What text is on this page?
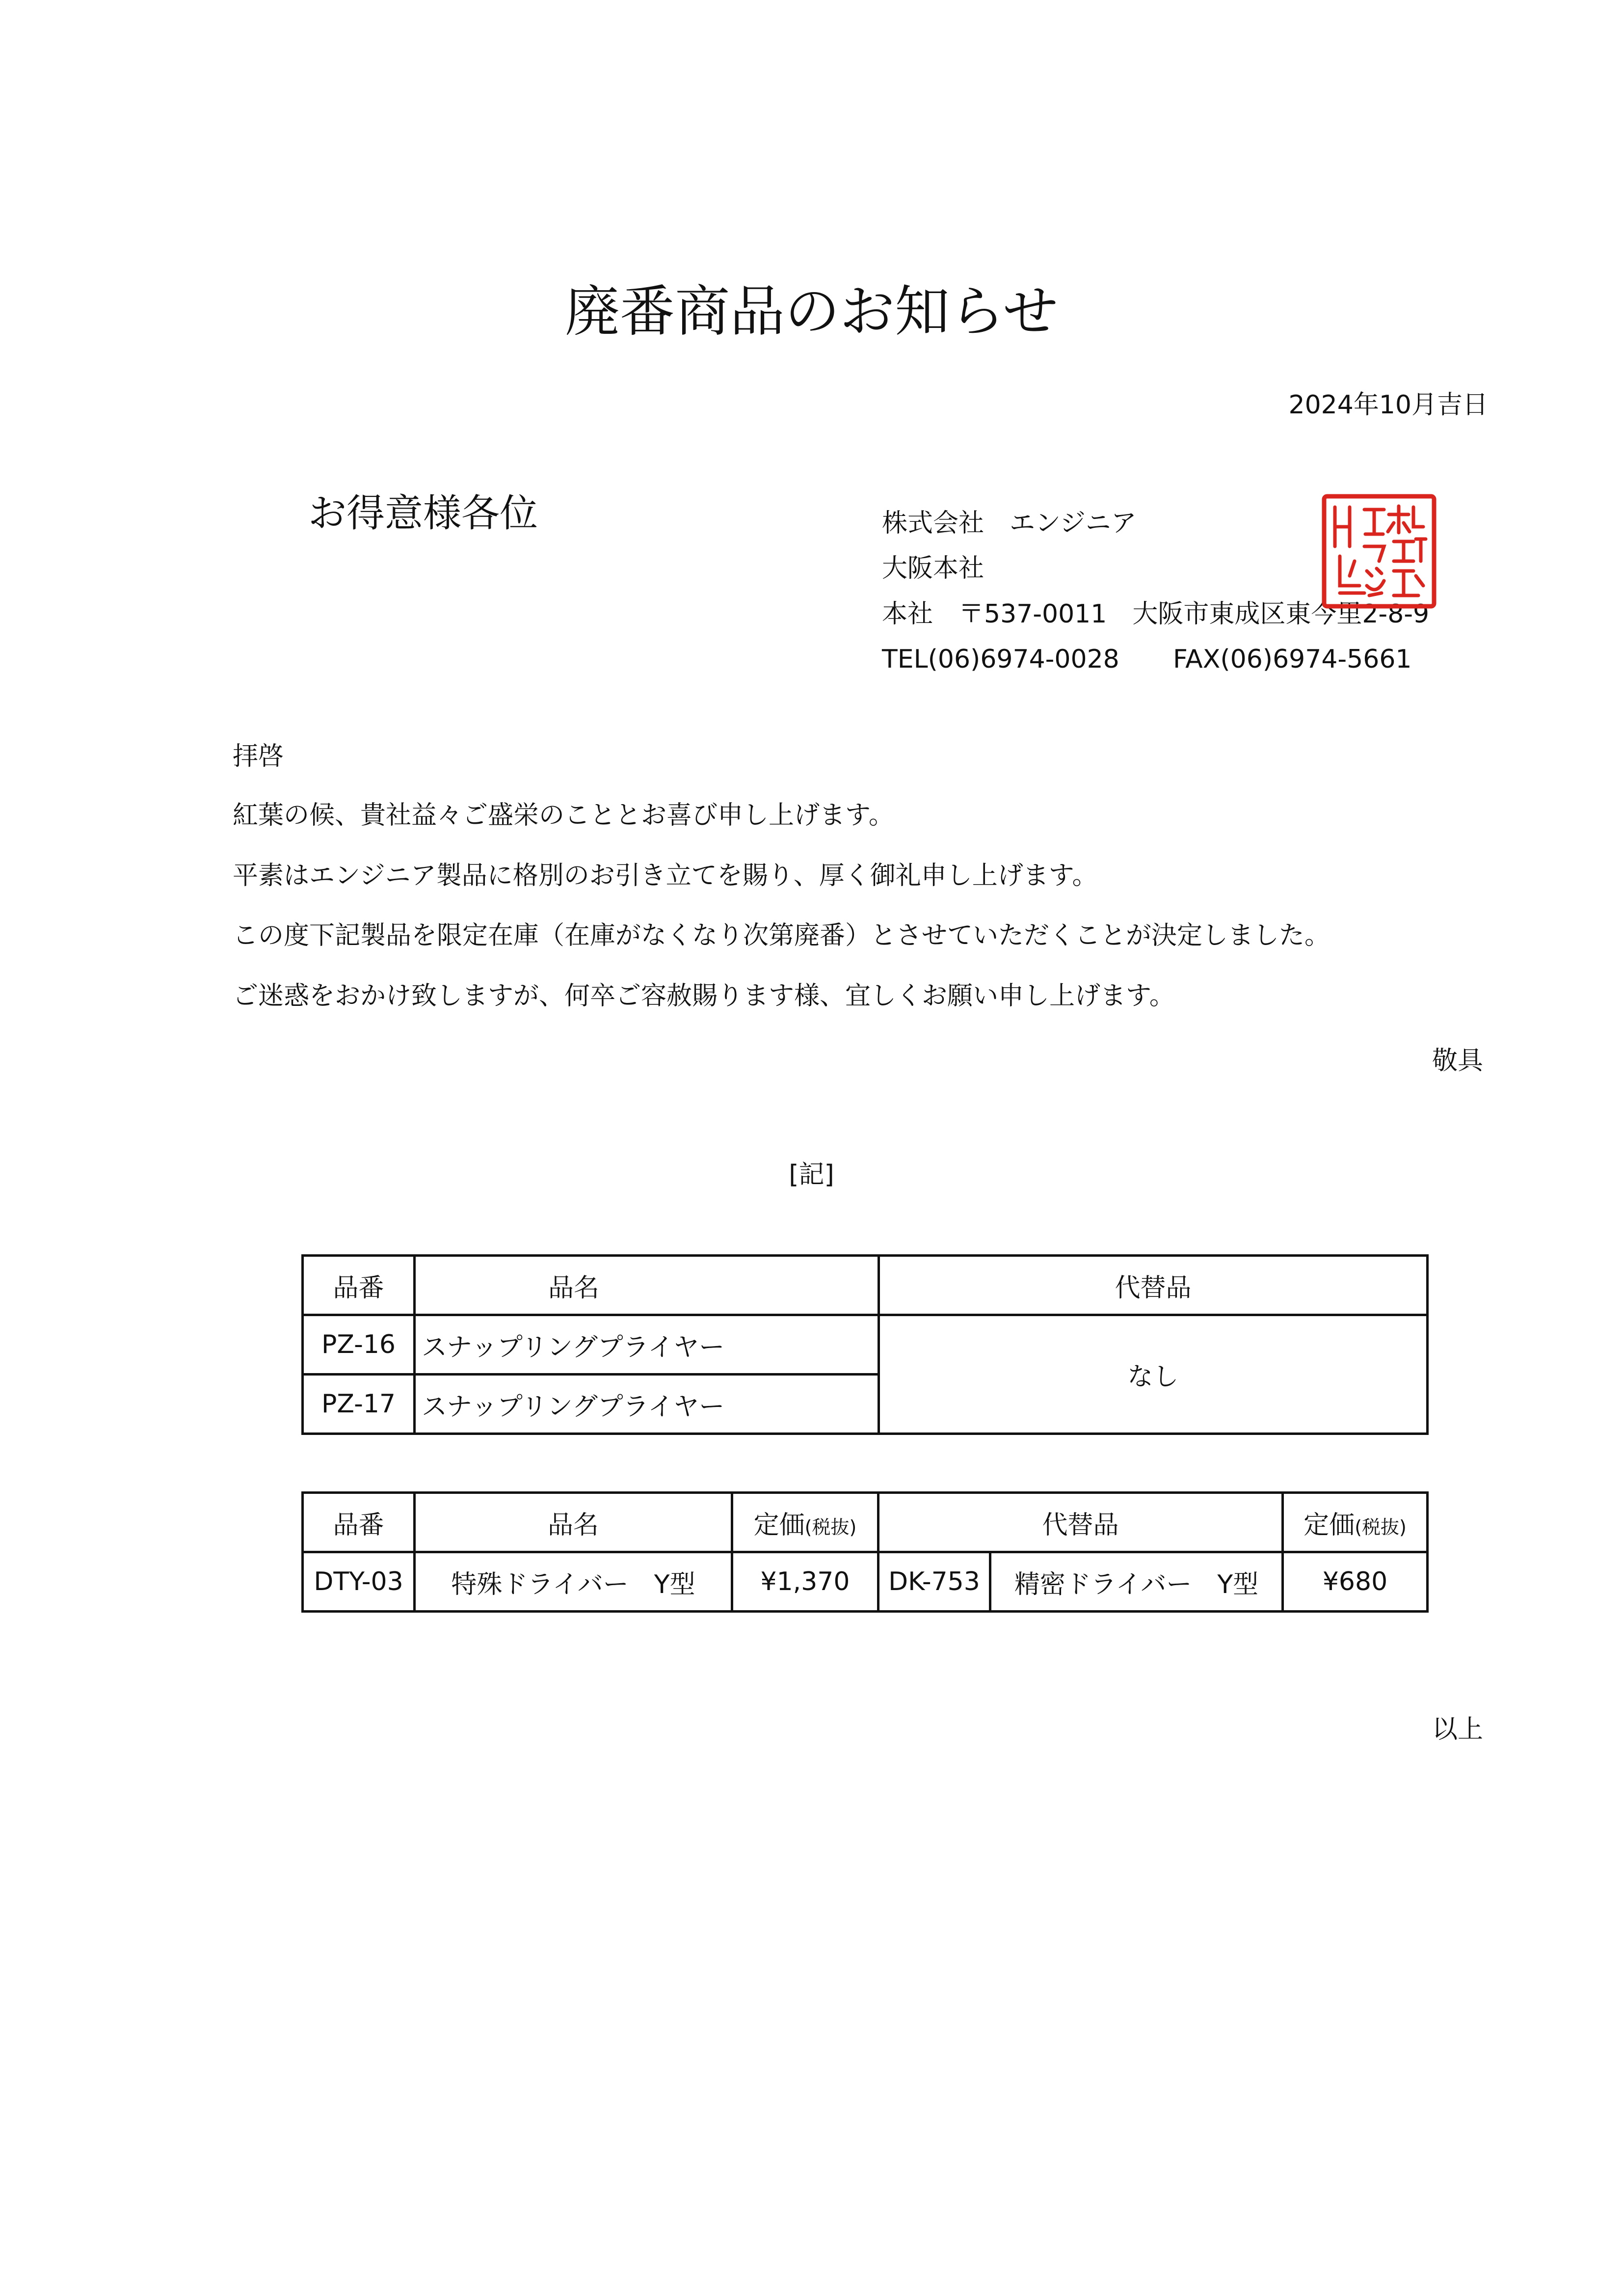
廃番商品のお知らせ
2024年10月吉日
お得意様各位	株式会社　エンジニア
大阪本社
本社　〒537-0011　大阪市東成区東今里2-8-9
TEL(06)6974-0028 FAX(06)6974-5661
拝啓
紅葉の候、貴社益々ご盛栄のこととお喜び申し上げます。
平素はエンジニア製品に格別のお引き立てを賜り、厚く御礼申し上げます。
この度下記製品を限定在庫（在庫がなくなり次第廃番）とさせていただくことが決定しました。
ご迷惑をおかけ致しますが、何卒ご容赦賜ります様、宜しくお願い申し上げます。
敬具
[記]
品番	品名	代替品
PZ-16	スナップリングプライヤー	なし
PZ-17	スナップリングプライヤー	
品番	品名	定価(税抜)	代替品		定価(税抜)
DTY-03	特殊ドライバー　Y型	¥1,370	DK-753	精密ドライバー　Y型	¥680
以上
